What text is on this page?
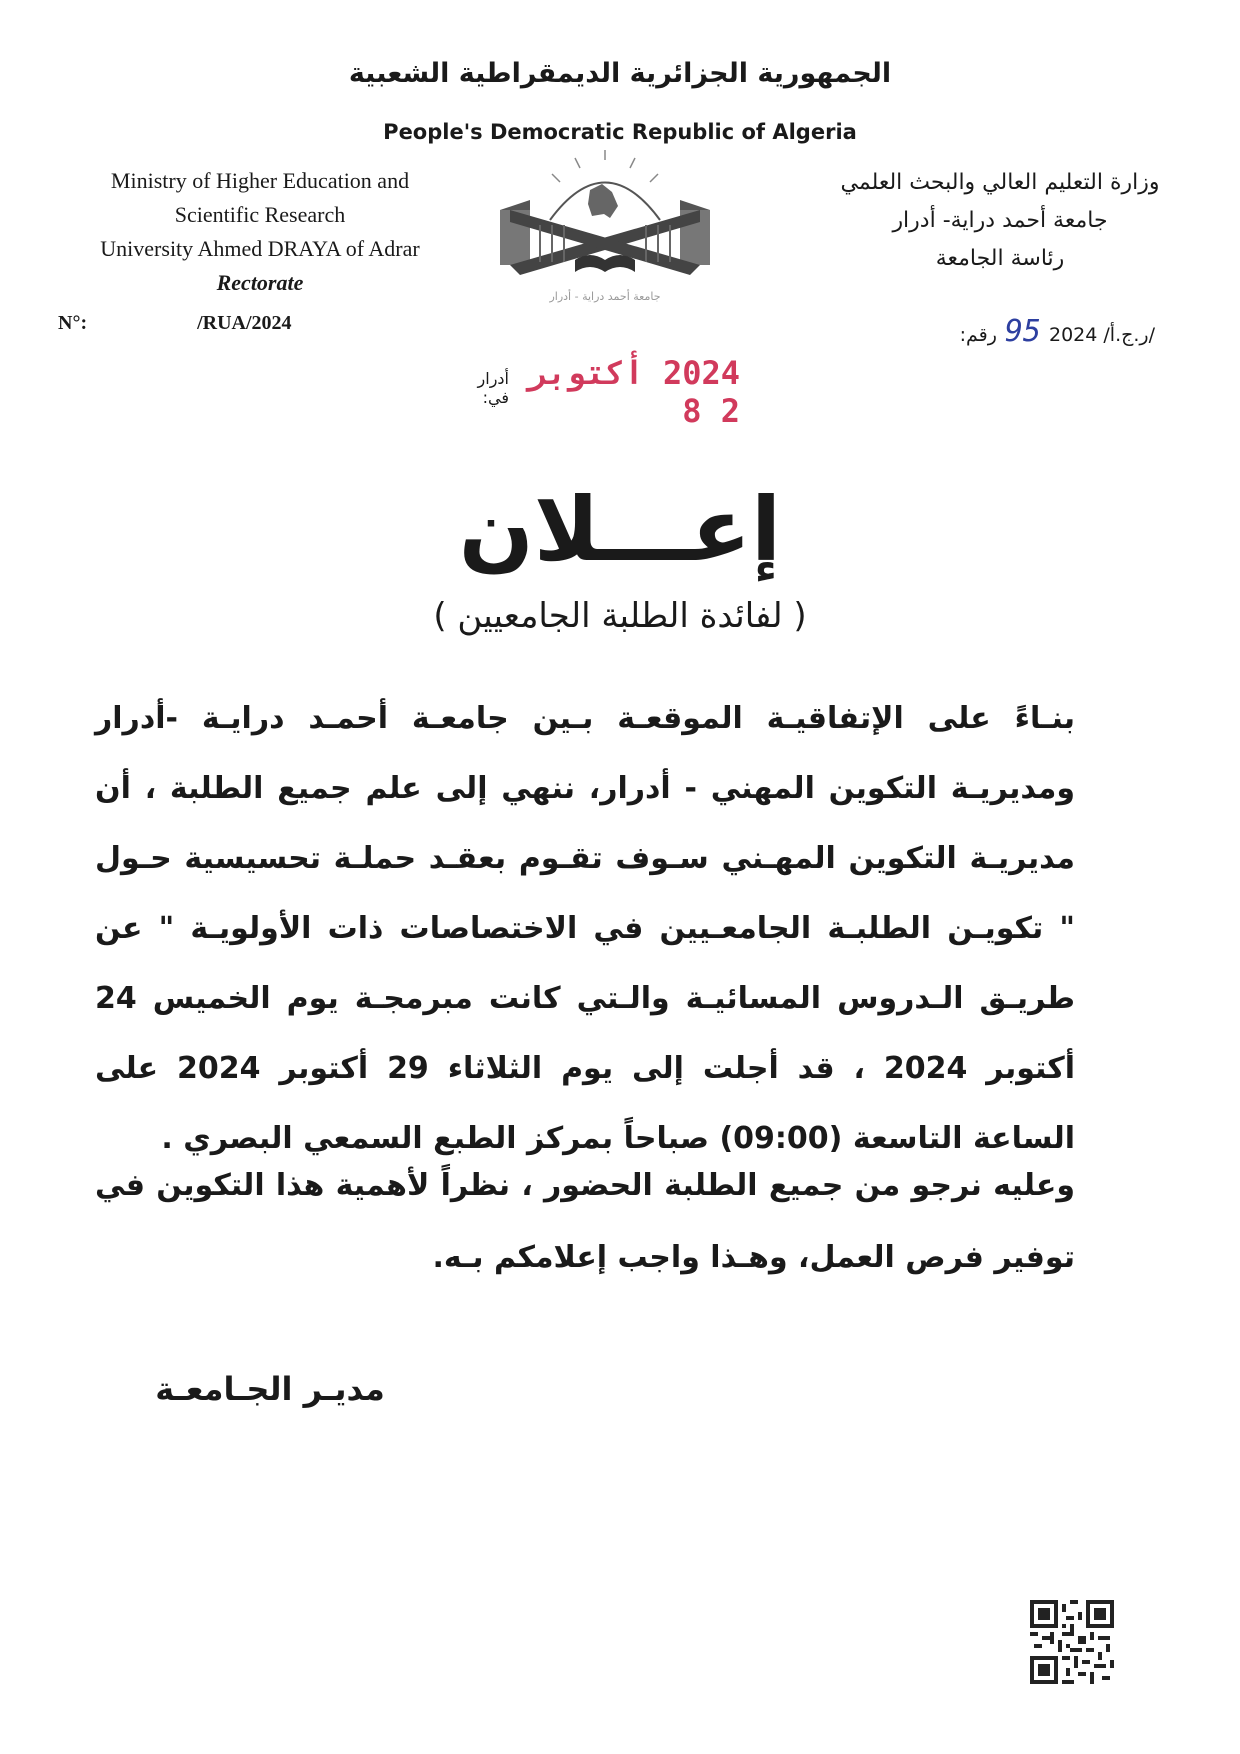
الجمهورية الجزائرية الديمقراطية الشعبية
People's Democratic Republic of Algeria
Ministry of Higher Education and
Scientific Research
University Ahmed DRAYA of Adrar
Rectorate
N°:	/RUA/2024
جامعة أحمد دراية - أدرار
وزارة التعليم العالي والبحث العلمي
جامعة أحمد دراية- أدرار
رئاسة الجامعة
رقم: 95 /ر.ج.أ/ 2024
أدرار في:
2024 أكتوبر 2 8
إعـــلان
( لفائدة الطلبة الجامعيين )
بنـاءً على الإتفاقيـة الموقعـة بـين جامعـة أحمـد درايـة -أدرار ومديريـة التكوين المهني - أدرار، ننهي إلى علم جميع الطلبة ، أن مديريـة التكوين المهـني سـوف تقـوم بعقـد حملـة تحسيسية حـول " تكويـن الطلبـة الجامعـيين في الاختصاصات ذات الأولويـة " عن طريـق الـدروس المسائيـة والـتي كانت مبرمجـة يوم الخميس 24 أكتوبر 2024 ، قد أجلت إلى يوم الثلاثاء 29 أكتوبر 2024 على الساعة التاسعة (09:00) صباحاً بمركز الطبع السمعي البصري .
وعليه نرجو من جميع الطلبة الحضور ، نظراً لأهمية هذا التكوين في توفير فرص العمل، وهـذا واجب إعلامكم بـه.
مديـر الجـامعـة
